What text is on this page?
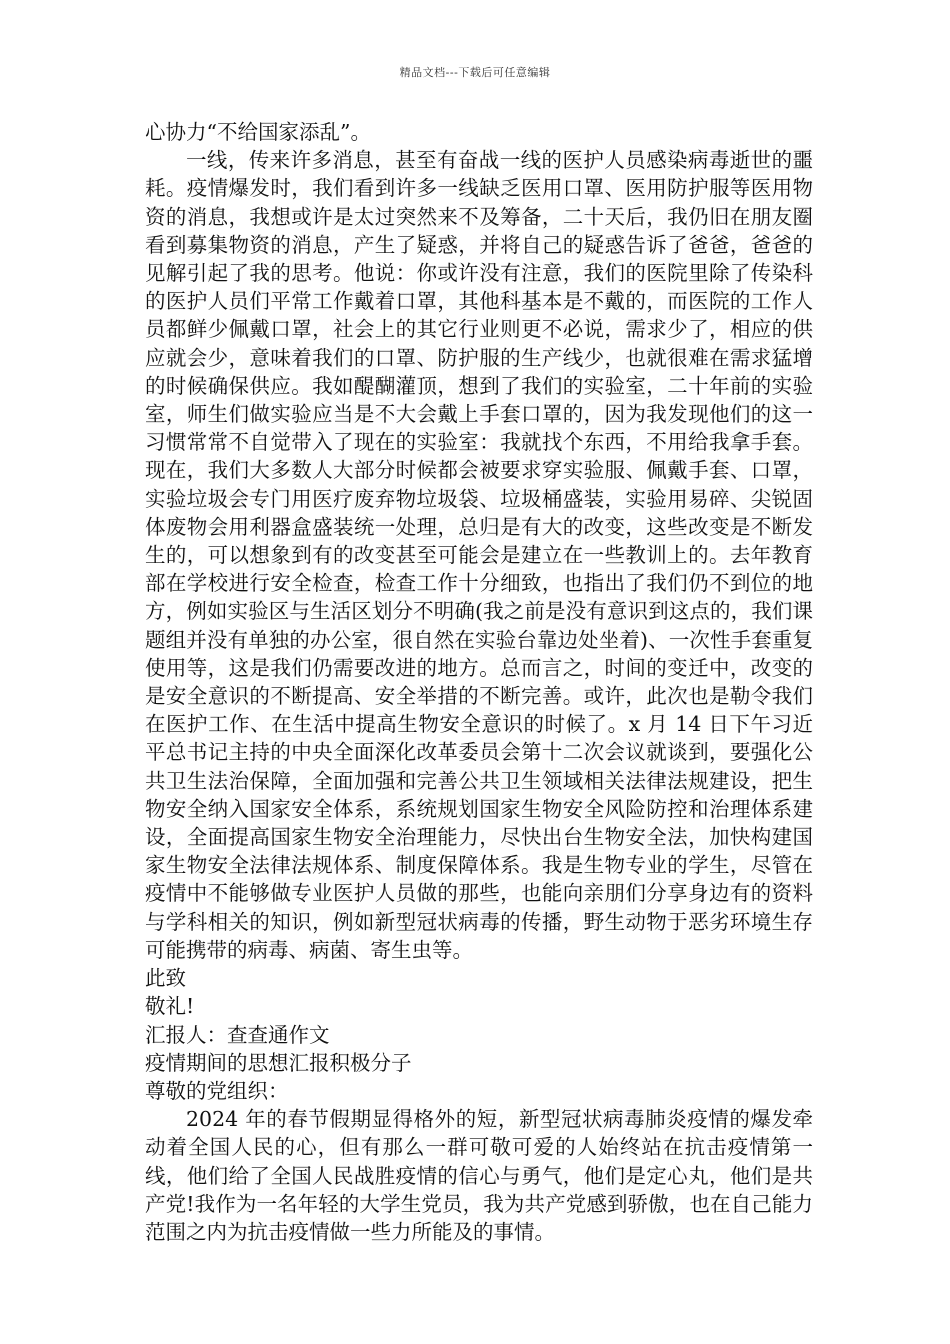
精品文档---下载后可任意编辑

心协力“不给国家添乱”。

一线，传来许多消息，甚至有奋战一线的医护人员感染病毒逝世的噩耗。疫情爆发时，我们看到许多一线缺乏医用口罩、医用防护服等医用物资的消息，我想或许是太过突然来不及筹备，二十天后，我仍旧在朋友圈看到募集物资的消息，产生了疑惑，并将自己的疑惑告诉了爸爸，爸爸的见解引起了我的思考。他说：你或许没有注意，我们的医院里除了传染科的医护人员们平常工作戴着口罩，其他科基本是不戴的，而医院的工作人员都鲜少佩戴口罩，社会上的其它行业则更不必说，需求少了，相应的供应就会少，意味着我们的口罩、防护服的生产线少，也就很难在需求猛增的时候确保供应。我如醍醐灌顶，想到了我们的实验室，二十年前的实验室，师生们做实验应当是不大会戴上手套口罩的，因为我发现他们的这一习惯常常不自觉带入了现在的实验室：我就找个东西，不用给我拿手套。现在，我们大多数人大部分时候都会被要求穿实验服、佩戴手套、口罩，实验垃圾会专门用医疗废弃物垃圾袋、垃圾桶盛装，实验用易碎、尖锐固体废物会用利器盒盛装统一处理，总归是有大的改变，这些改变是不断发生的，可以想象到有的改变甚至可能会是建立在一些教训上的。去年教育部在学校进行安全检查，检查工作十分细致，也指出了我们仍不到位的地方，例如实验区与生活区划分不明确(我之前是没有意识到这点的，我们课题组并没有单独的办公室，很自然在实验台靠边处坐着)、一次性手套重复使用等，这是我们仍需要改进的地方。总而言之，时间的变迁中，改变的是安全意识的不断提高、安全举措的不断完善。或许，此次也是勒令我们在医护工作、在生活中提高生物安全意识的时候了。x 月 14 日下午习近平总书记主持的中央全面深化改革委员会第十二次会议就谈到，要强化公共卫生法治保障，全面加强和完善公共卫生领域相关法律法规建设，把生物安全纳入国家安全体系，系统规划国家生物安全风险防控和治理体系建设，全面提高国家生物安全治理能力，尽快出台生物安全法，加快构建国家生物安全法律法规体系、制度保障体系。我是生物专业的学生，尽管在疫情中不能够做专业医护人员做的那些，也能向亲朋们分享身边有的资料与学科相关的知识，例如新型冠状病毒的传播，野生动物于恶劣环境生存可能携带的病毒、病菌、寄生虫等。

此致

敬礼!

汇报人：查查通作文

疫情期间的思想汇报积极分子

尊敬的党组织：

2024 年的春节假期显得格外的短，新型冠状病毒肺炎疫情的爆发牵动着全国人民的心，但有那么一群可敬可爱的人始终站在抗击疫情第一线，他们给了全国人民战胜疫情的信心与勇气，他们是定心丸，他们是共产党!我作为一名年轻的大学生党员，我为共产党感到骄傲，也在自己能力范围之内为抗击疫情做一些力所能及的事情。
